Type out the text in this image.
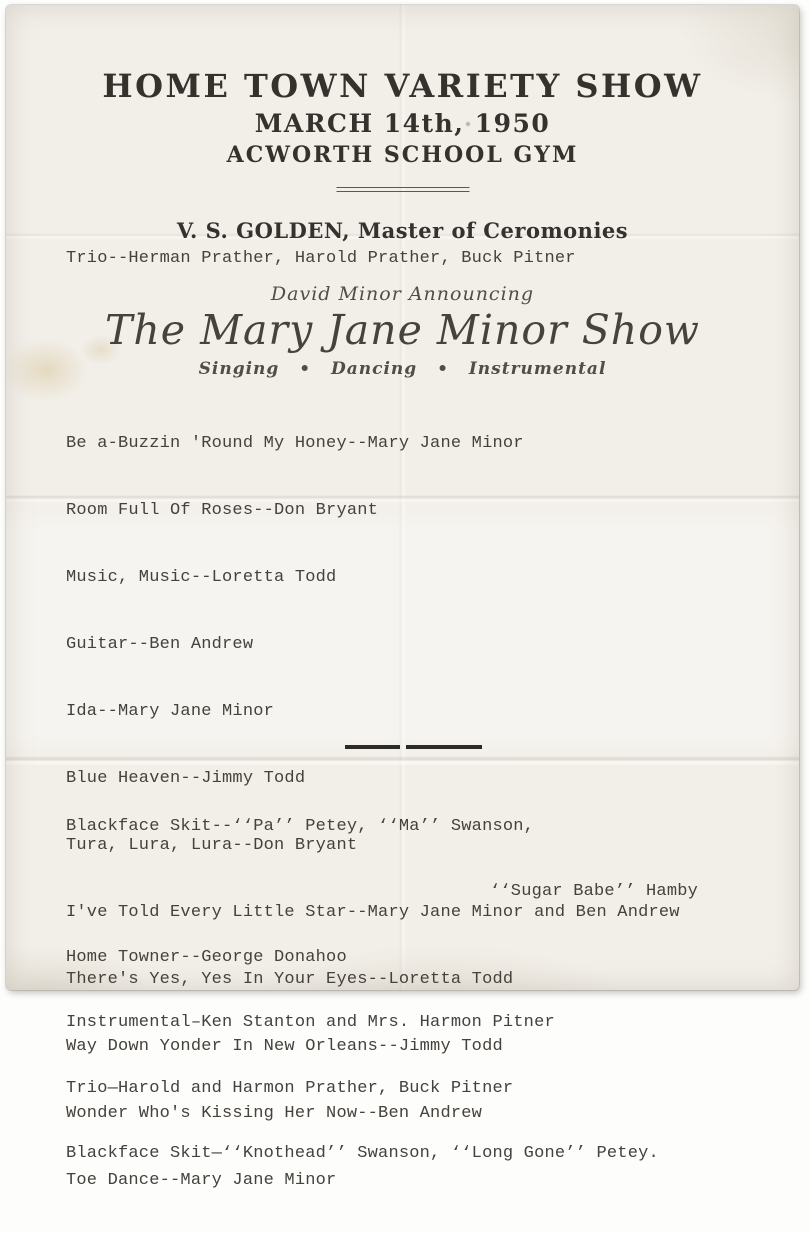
HOME TOWN VARIETY SHOW
MARCH 14th, 1950
ACWORTH SCHOOL GYM
V. S. GOLDEN, Master of Ceromonies
Trio--Herman Prather, Harold Prather, Buck Pitner
David Minor Announcing
The Mary Jane Minor Show
Singing • Dancing • Instrumental

Be a-Buzzin 'Round My Honey--Mary Jane Minor

Room Full Of Roses--Don Bryant

Music, Music--Loretta Todd

Guitar--Ben Andrew

Ida--Mary Jane Minor

Blue Heaven--Jimmy Todd

Tura, Lura, Lura--Don Bryant

I've Told Every Little Star--Mary Jane Minor and Ben Andrew

There's Yes, Yes In Your Eyes--Loretta Todd

Way Down Yonder In New Orleans--Jimmy Todd

Wonder Who's Kissing Her Now--Ben Andrew

Toe Dance--Mary Jane Minor

Blackface Skit--‘‘Pa’’ Petey, ‘‘Ma’’ Swanson,

‘‘Sugar Babe’’ Hamby

Home Towner--George Donahoo

Instrumental–Ken Stanton and Mrs. Harmon Pitner

Trio—Harold and Harmon Prather, Buck Pitner

Blackface Skit—‘‘Knothead’’ Swanson, ‘‘Long Gone’’ Petey.
